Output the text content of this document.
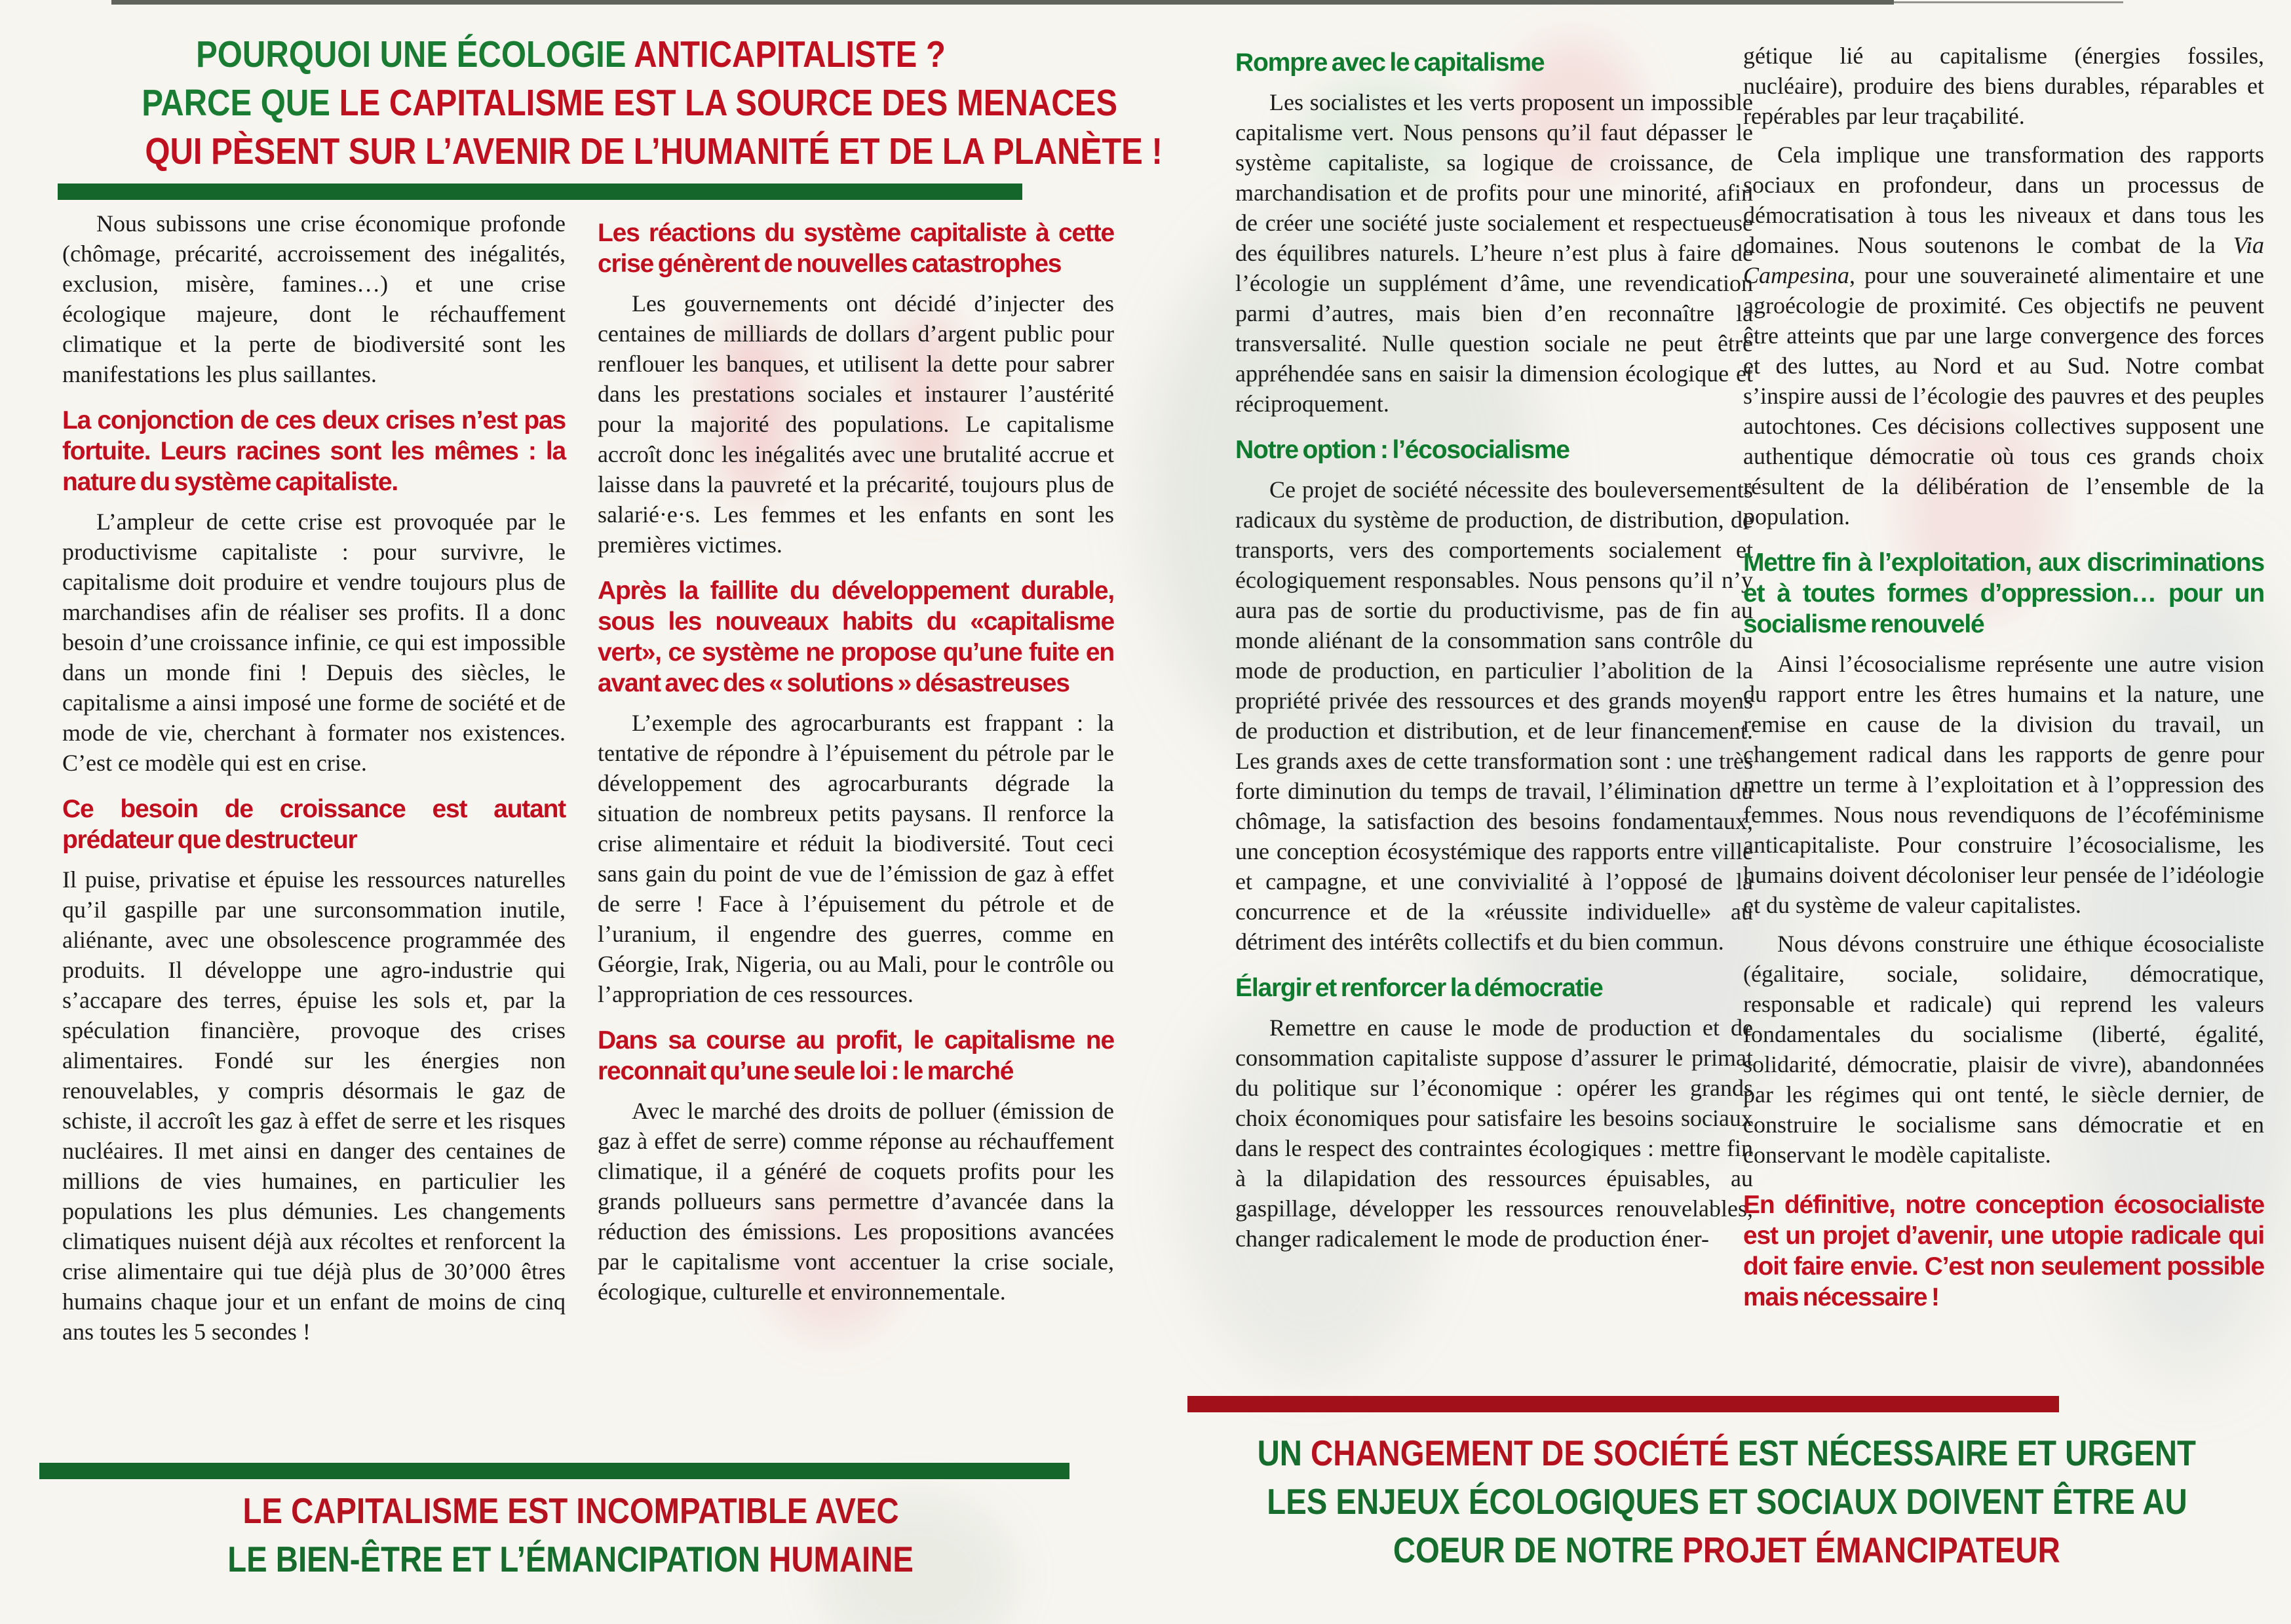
POURQUOI UNE ÉCOLOGIE ANTICAPITALISTE ?
PARCE QUE LE CAPITALISME EST LA SOURCE DES MENACES
QUI PÈSENT SUR L’AVENIR DE L’HUMANITÉ ET DE LA PLANÈTE !

Nous subissons une crise économique profonde (chômage, précarité, accroissement des inégalités, exclusion, misère, famines…) et une crise écologique majeure, dont le réchauffement climatique et la perte de biodiversité sont les manifestations les plus saillantes.

La conjonction de ces deux crises n’est pas fortuite. Leurs racines sont les mêmes : la nature du système capitaliste.

L’ampleur de cette crise est provoquée par le productivisme capitaliste : pour survivre, le capitalisme doit produire et vendre toujours plus de marchandises afin de réaliser ses profits. Il a donc besoin d’une croissance infinie, ce qui est impossible dans un monde fini ! Depuis des siècles, le capitalisme a ainsi imposé une forme de société et de mode de vie, cherchant à formater nos existences. C’est ce modèle qui est en crise.

Ce besoin de croissance est autant prédateur que destructeur

Il puise, privatise et épuise les ressources naturelles qu’il gaspille par une surconsommation inutile, aliénante, avec une obsolescence programmée des produits. Il développe une agro-industrie qui s’accapare des terres, épuise les sols et, par la spéculation financière, provoque des crises alimentaires. Fondé sur les énergies non renouvelables, y compris désormais le gaz de schiste, il accroît les gaz à effet de serre et les risques nucléaires. Il met ainsi en danger des centaines de millions de vies humaines, en particulier les populations les plus démunies. Les changements climatiques nuisent déjà aux récoltes et renforcent la crise alimentaire qui tue déjà plus de 30’000 êtres humains chaque jour et un enfant de moins de cinq ans toutes les 5 secondes !

Les réactions du système capitaliste à cette crise génèrent de nouvelles catastrophes

Les gouvernements ont décidé d’injecter des centaines de milliards de dollars d’argent public pour renflouer les banques, et utilisent la dette pour sabrer dans les prestations sociales et instaurer l’austérité pour la majorité des populations. Le capitalisme accroît donc les inégalités avec une brutalité accrue et laisse dans la pauvreté et la précarité, toujours plus de salarié·e·s. Les femmes et les enfants en sont les premières victimes.

Après la faillite du développement durable, sous les nouveaux habits du «capitalisme vert», ce système ne propose qu’une fuite en avant avec des « solutions » désastreuses

L’exemple des agrocarburants est frappant : la tentative de répondre à l’épuisement du pétrole par le développement des agrocarburants dégrade la situation de nombreux petits paysans. Il renforce la crise alimentaire et réduit la biodiversité. Tout ceci sans gain du point de vue de l’émission de gaz à effet de serre ! Face à l’épuisement du pétrole et de l’uranium, il engendre des guerres, comme en Géorgie, Irak, Nigeria, ou au Mali, pour le contrôle ou l’appropriation de ces ressources.

Dans sa course au profit, le capitalisme ne reconnait qu’une seule loi : le marché

Avec le marché des droits de polluer (émission de gaz à effet de serre) comme réponse au réchauffement climatique, il a généré de coquets profits pour les grands pollueurs sans permettre d’avancée dans la réduction des émissions. Les propositions avancées par le capitalisme vont accentuer la crise sociale, écologique, culturelle et environnementale.

Rompre avec le capitalisme

Les socialistes et les verts proposent un impossible capitalisme vert. Nous pensons qu’il faut dépasser le système capitaliste, sa logique de croissance, de marchandisation et de profits pour une minorité, afin de créer une société juste socialement et respectueuse des équilibres naturels. L’heure n’est plus à faire de l’écologie un supplément d’âme, une revendication parmi d’autres, mais bien d’en reconnaître la transversalité. Nulle question sociale ne peut être appréhendée sans en saisir la dimension écologique et réciproquement.

Notre option : l’écosocialisme

Ce projet de société nécessite des bouleversements radicaux du système de production, de distribution, de transports, vers des comportements socialement et écologiquement responsables. Nous pensons qu’il n’y aura pas de sortie du productivisme, pas de fin au monde aliénant de la consommation sans contrôle du mode de production, en particulier l’abolition de la propriété privée des ressources et des grands moyens de production et distribution, et de leur financement. Les grands axes de cette transformation sont : une très forte diminution du temps de travail, l’élimination du chômage, la satisfaction des besoins fondamentaux, une conception écosystémique des rapports entre ville et campagne, et une convivialité à l’opposé de la concurrence et de la «réussite individuelle» au détriment des intérêts collectifs et du bien commun.

Élargir et renforcer la démocratie

Remettre en cause le mode de production et de consommation capitaliste suppose d’assurer le primat du politique sur l’économique : opérer les grands choix économiques pour satisfaire les besoins sociaux dans le respect des contraintes écologiques : mettre fin à la dilapidation des ressources épuisables, au gaspillage, développer les ressources renouvelables, changer radicalement le mode de production éner-

gétique lié au capitalisme (énergies fossiles, nucléaire), produire des biens durables, réparables et repérables par leur traçabilité.

Cela implique une transformation des rapports sociaux en profondeur, dans un processus de démocratisation à tous les niveaux et dans tous les domaines. Nous soutenons le combat de la Via Campesina, pour une souveraineté alimentaire et une agroécologie de proximité. Ces objectifs ne peuvent être atteints que par une large convergence des forces et des luttes, au Nord et au Sud. Notre combat s’inspire aussi de l’écologie des pauvres et des peuples autochtones. Ces décisions collectives supposent une authentique démocratie où tous ces grands choix résultent de la délibération de l’ensemble de la population.

Mettre fin à l’exploitation, aux discriminations et à toutes formes d’oppression… pour un socialisme renouvelé

Ainsi l’écosocialisme représente une autre vision du rapport entre les êtres humains et la nature, une remise en cause de la division du travail, un changement radical dans les rapports de genre pour mettre un terme à l’exploitation et à l’oppression des femmes. Nous nous revendiquons de l’écoféminisme anticapitaliste. Pour construire l’écosocialisme, les humains doivent décoloniser leur pensée de l’idéologie et du système de valeur capitalistes.

Nous dévons construire une éthique écosocialiste (égalitaire, sociale, solidaire, démocratique, responsable et radicale) qui reprend les valeurs fondamentales du socialisme (liberté, égalité, solidarité, démocratie, plaisir de vivre), abandonnées par les régimes qui ont tenté, le siècle dernier, de construire le socialisme sans démocratie et en conservant le modèle capitaliste.

En définitive, notre conception écosocialiste est un projet d’avenir, une utopie radicale qui doit faire envie. C’est non seulement possible mais nécessaire !

LE CAPITALISME EST INCOMPATIBLE AVEC
LE BIEN-ÊTRE ET L’ÉMANCIPATION HUMAINE
UN CHANGEMENT DE SOCIÉTÉ EST NÉCESSAIRE ET URGENT
LES ENJEUX ÉCOLOGIQUES ET SOCIAUX DOIVENT ÊTRE AU
COEUR DE NOTRE PROJET ÉMANCIPATEUR
